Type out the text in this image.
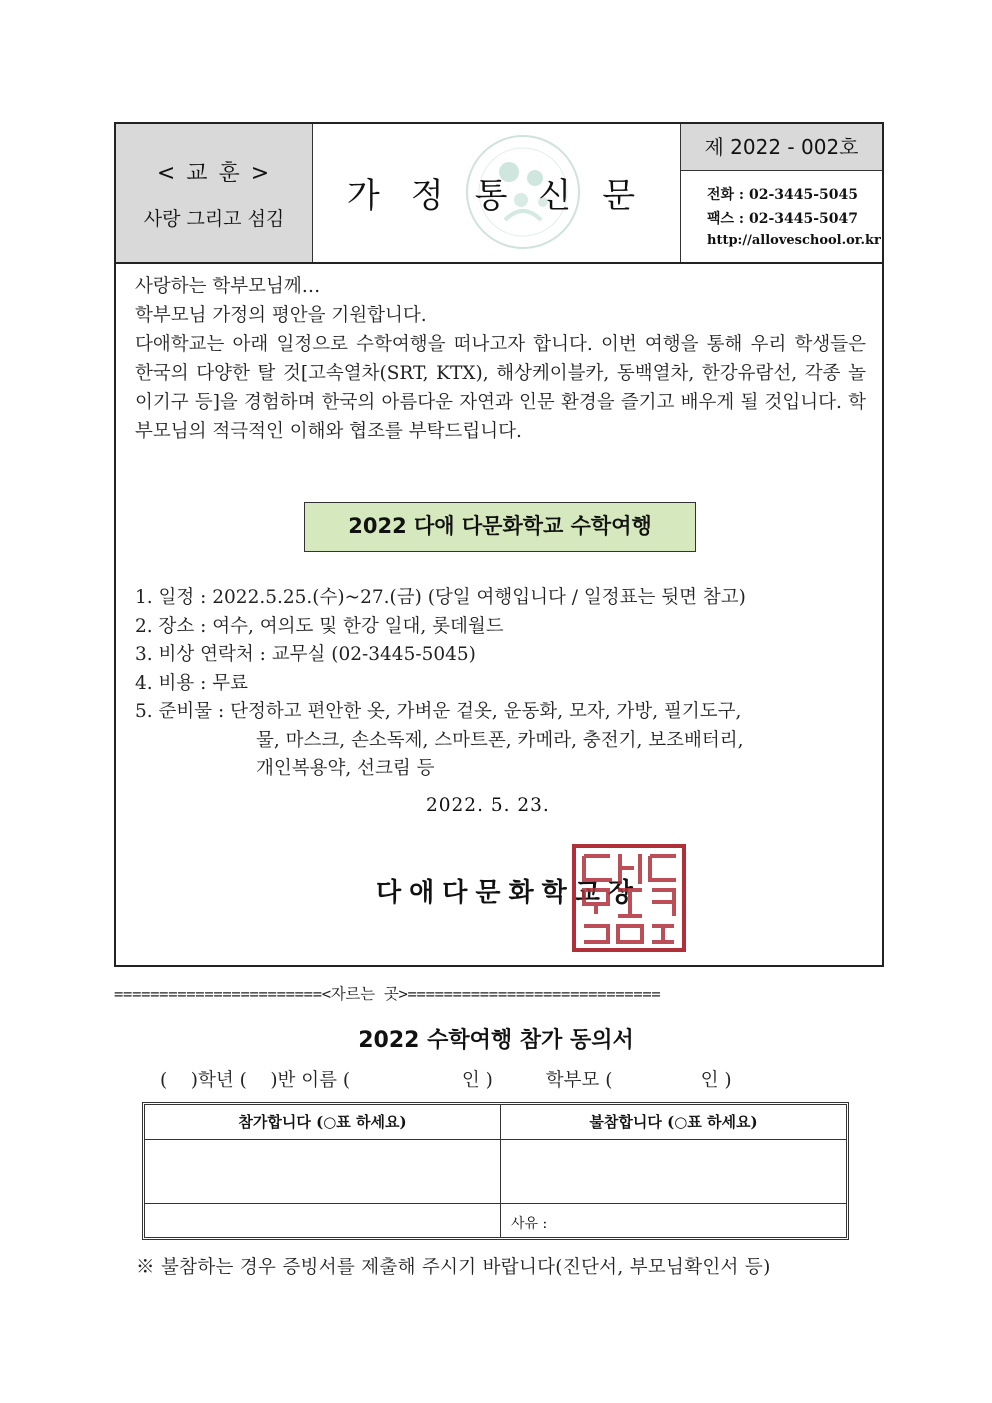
< 교 훈 >
사랑 그리고 섬김
가정통신문
제 2022 - 002호
전화 : 02-3445-5045
팩스 : 02-3445-5047
http://alloveschool.or.kr

사랑하는 학부모님께…

학부모님 가정의 평안을 기원합니다.

다애학교는 아래 일정으로 수학여행을 떠나고자 합니다. 이번 여행을 통해 우리 학생들은 한국의 다양한 탈 것[고속열차(SRT, KTX), 해상케이블카, 동백열차, 한강유람선, 각종 놀이기구 등]을 경험하며 한국의 아름다운 자연과 인문 환경을 즐기고 배우게 될 것입니다. 학부모님의 적극적인 이해와 협조를 부탁드립니다.

2022 다애 다문화학교 수학여행
1. 일정 : 2022.5.25.(수)~27.(금) (당일 여행입니다 / 일정표는 뒷면 참고)
2. 장소 : 여수, 여의도 및 한강 일대, 롯데월드
3. 비상 연락처 : 교무실 (02-3445-5045)
4. 비용 : 무료
5. 준비물 : 단정하고 편안한 옷, 가벼운 겉옷, 운동화, 모자, 가방, 필기도구,
물, 마스크, 손소독제, 스마트폰, 카메라, 충전기, 보조배터리,
개인복용약, 선크림 등
2022. 5. 23.
다애다문화학교장
=======================<자르는 곳>============================
2022 수학여행 참가 동의서
(    )학년 (    )반 이름 (                   인 )         학부모 (               인 )
참가합니다 (○표 하세요)	불참합니다 (○표 하세요)
사유 :
※ 불참하는 경우 증빙서를 제출해 주시기 바랍니다(진단서, 부모님확인서 등)
